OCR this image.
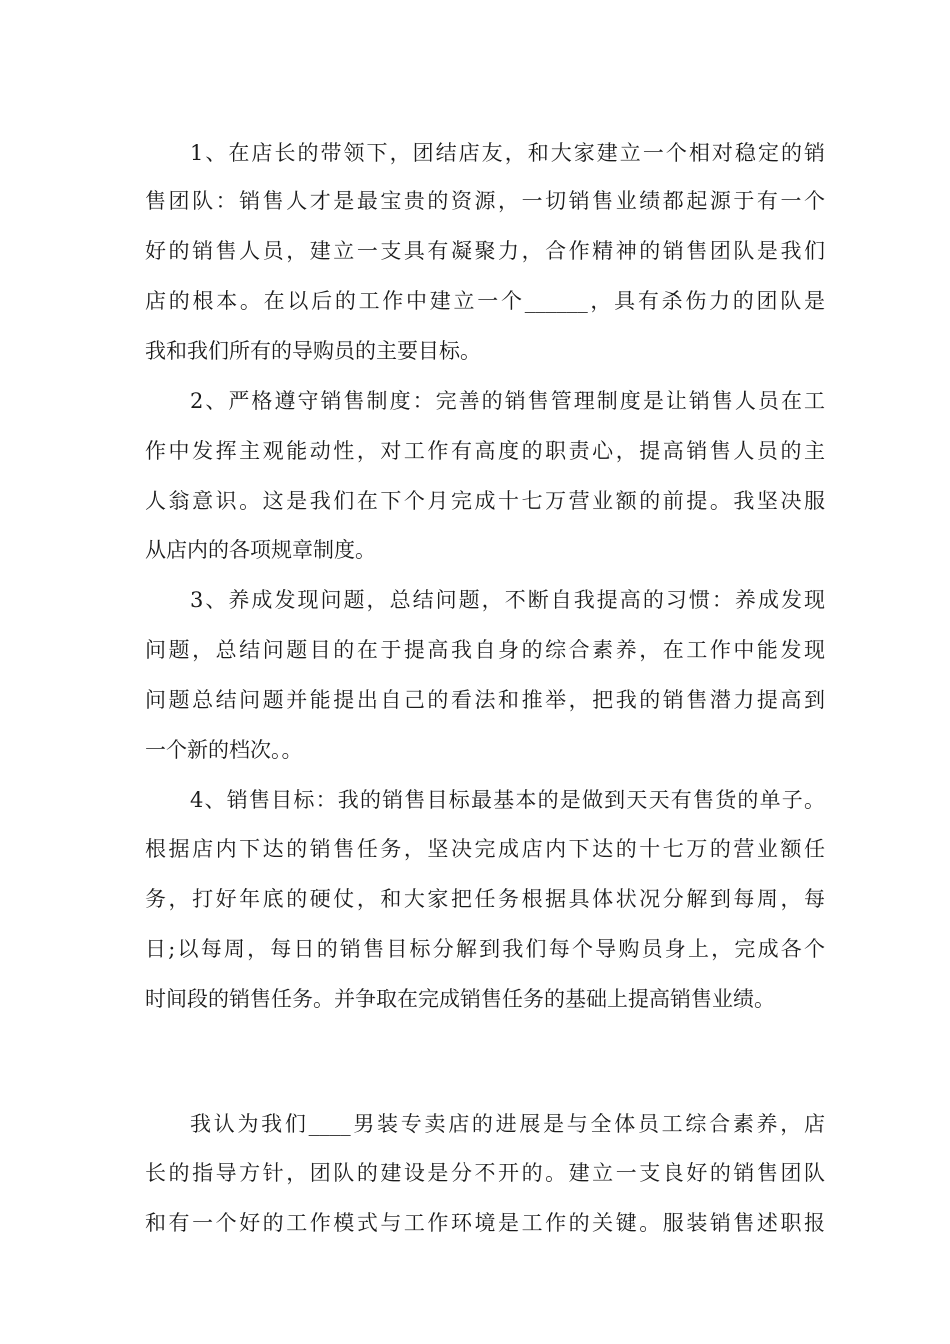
1、在店长的带领下，团结店友，和大家建立一个相对稳定的销

售团队：销售人才是最宝贵的资源，一切销售业绩都起源于有一个

好的销售人员，建立一支具有凝聚力，合作精神的销售团队是我们

店的根本。在以后的工作中建立一个______，具有杀伤力的团队是

我和我们所有的导购员的主要目标。

2、严格遵守销售制度：完善的销售管理制度是让销售人员在工

作中发挥主观能动性，对工作有高度的职责心，提高销售人员的主

人翁意识。这是我们在下个月完成十七万营业额的前提。我坚决服

从店内的各项规章制度。

3、养成发现问题，总结问题，不断自我提高的习惯：养成发现

问题，总结问题目的在于提高我自身的综合素养，在工作中能发现

问题总结问题并能提出自己的看法和推举，把我的销售潜力提高到

一个新的档次。。

4、销售目标：我的销售目标最基本的是做到天天有售货的单子。

根据店内下达的销售任务，坚决完成店内下达的十七万的营业额任

务，打好年底的硬仗，和大家把任务根据具体状况分解到每周，每

日;以每周，每日的销售目标分解到我们每个导购员身上，完成各个

时间段的销售任务。并争取在完成销售任务的基础上提高销售业绩。

我认为我们____男装专卖店的进展是与全体员工综合素养，店

长的指导方针，团队的建设是分不开的。建立一支良好的销售团队

和有一个好的工作模式与工作环境是工作的关键。服装销售述职报
